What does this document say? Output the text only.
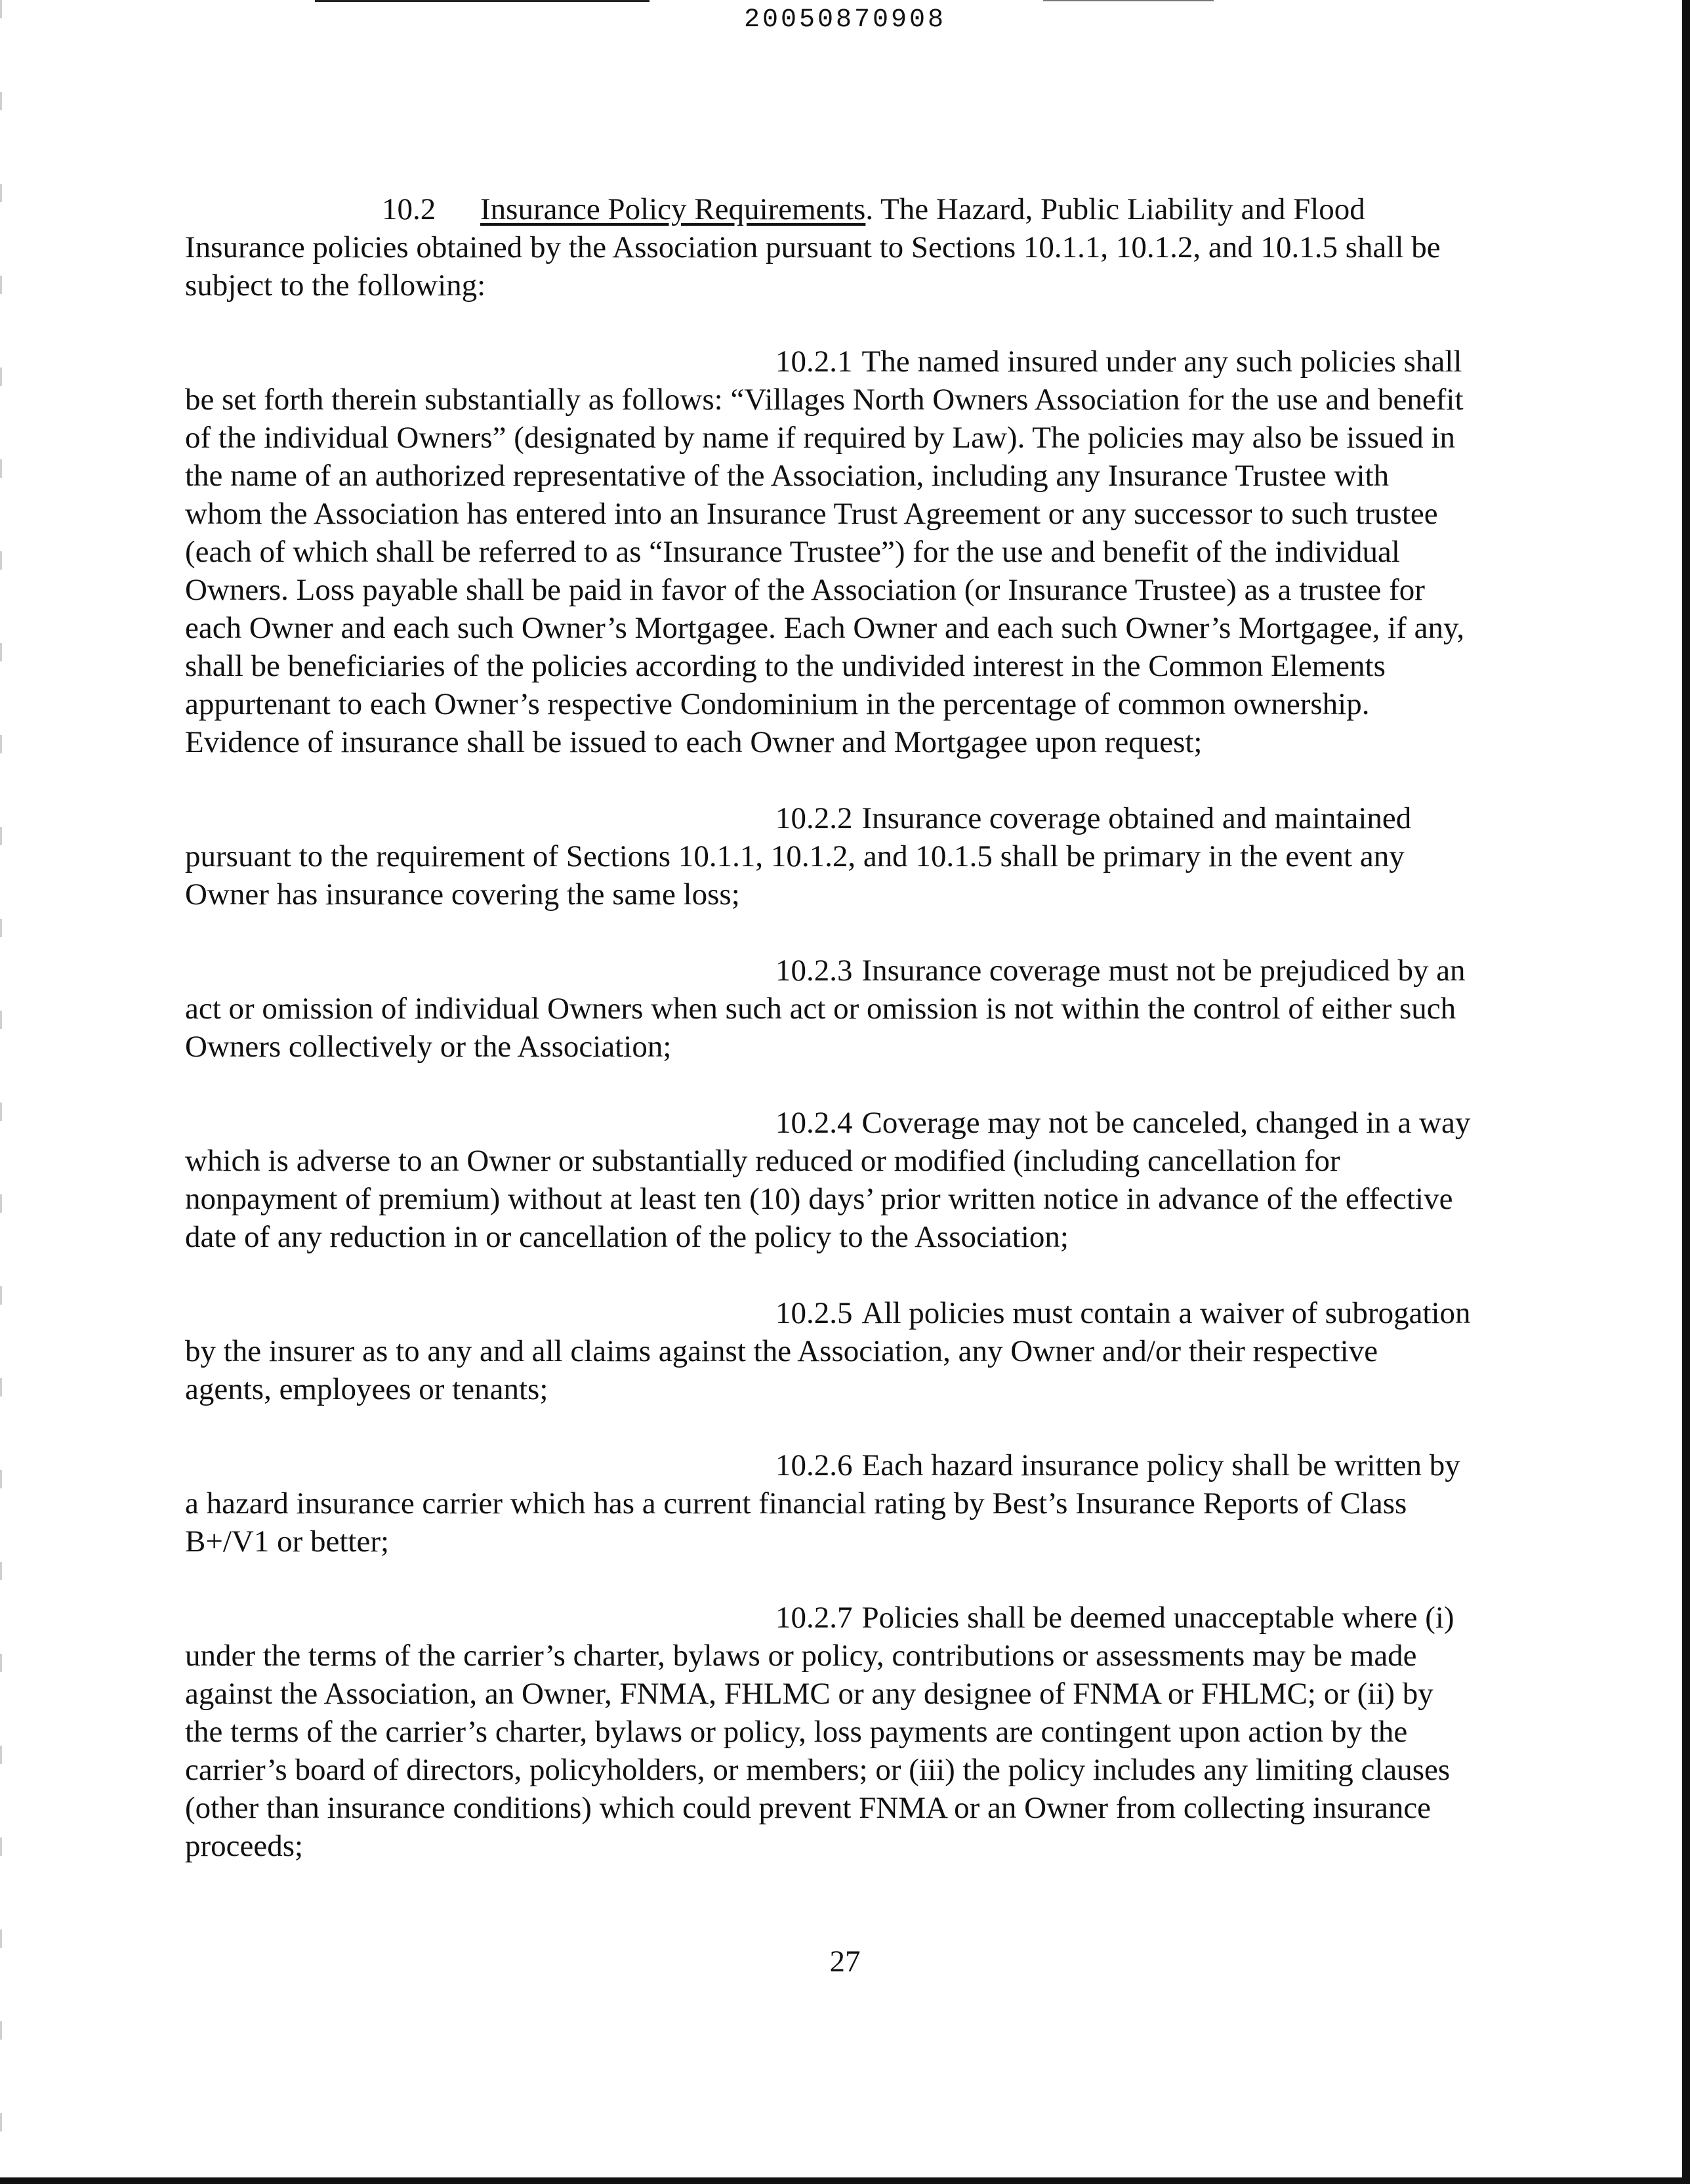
20050870908

10.2 Insurance Policy Requirements. The Hazard, Public Liability and Flood Insurance policies obtained by the Association pursuant to Sections 10.1.1, 10.1.2, and 10.1.5 shall be subject to the following:

10.2.1 The named insured under any such policies shall be set forth therein substantially as follows: “Villages North Owners Association for the use and benefit of the individual Owners” (designated by name if required by Law). The policies may also be issued in the name of an authorized representative of the Association, including any Insurance Trustee with whom the Association has entered into an Insurance Trust Agreement or any successor to such trustee (each of which shall be referred to as “Insurance Trustee”) for the use and benefit of the individual Owners. Loss payable shall be paid in favor of the Association (or Insurance Trustee) as a trustee for each Owner and each such Owner’s Mortgagee. Each Owner and each such Owner’s Mortgagee, if any, shall be beneficiaries of the policies according to the undivided interest in the Common Elements appurtenant to each Owner’s respective Condominium in the percentage of common ownership. Evidence of insurance shall be issued to each Owner and Mortgagee upon request;

10.2.2 Insurance coverage obtained and maintained pursuant to the requirement of Sections 10.1.1, 10.1.2, and 10.1.5 shall be primary in the event any Owner has insurance covering the same loss;

10.2.3 Insurance coverage must not be prejudiced by an act or omission of individual Owners when such act or omission is not within the control of either such Owners collectively or the Association;

10.2.4 Coverage may not be canceled, changed in a way which is adverse to an Owner or substantially reduced or modified (including cancellation for nonpayment of premium) without at least ten (10) days’ prior written notice in advance of the effective date of any reduction in or cancellation of the policy to the Association;

10.2.5 All policies must contain a waiver of subrogation by the insurer as to any and all claims against the Association, any Owner and/or their respective agents, employees or tenants;

10.2.6 Each hazard insurance policy shall be written by a hazard insurance carrier which has a current financial rating by Best’s Insurance Reports of Class B+/V1 or better;

10.2.7 Policies shall be deemed unacceptable where (i) under the terms of the carrier’s charter, bylaws or policy, contributions or assessments may be made against the Association, an Owner, FNMA, FHLMC or any designee of FNMA or FHLMC; or (ii) by the terms of the carrier’s charter, bylaws or policy, loss payments are contingent upon action by the carrier’s board of directors, policyholders, or members; or (iii) the policy includes any limiting clauses (other than insurance conditions) which could prevent FNMA or an Owner from collecting insurance proceeds;

27
